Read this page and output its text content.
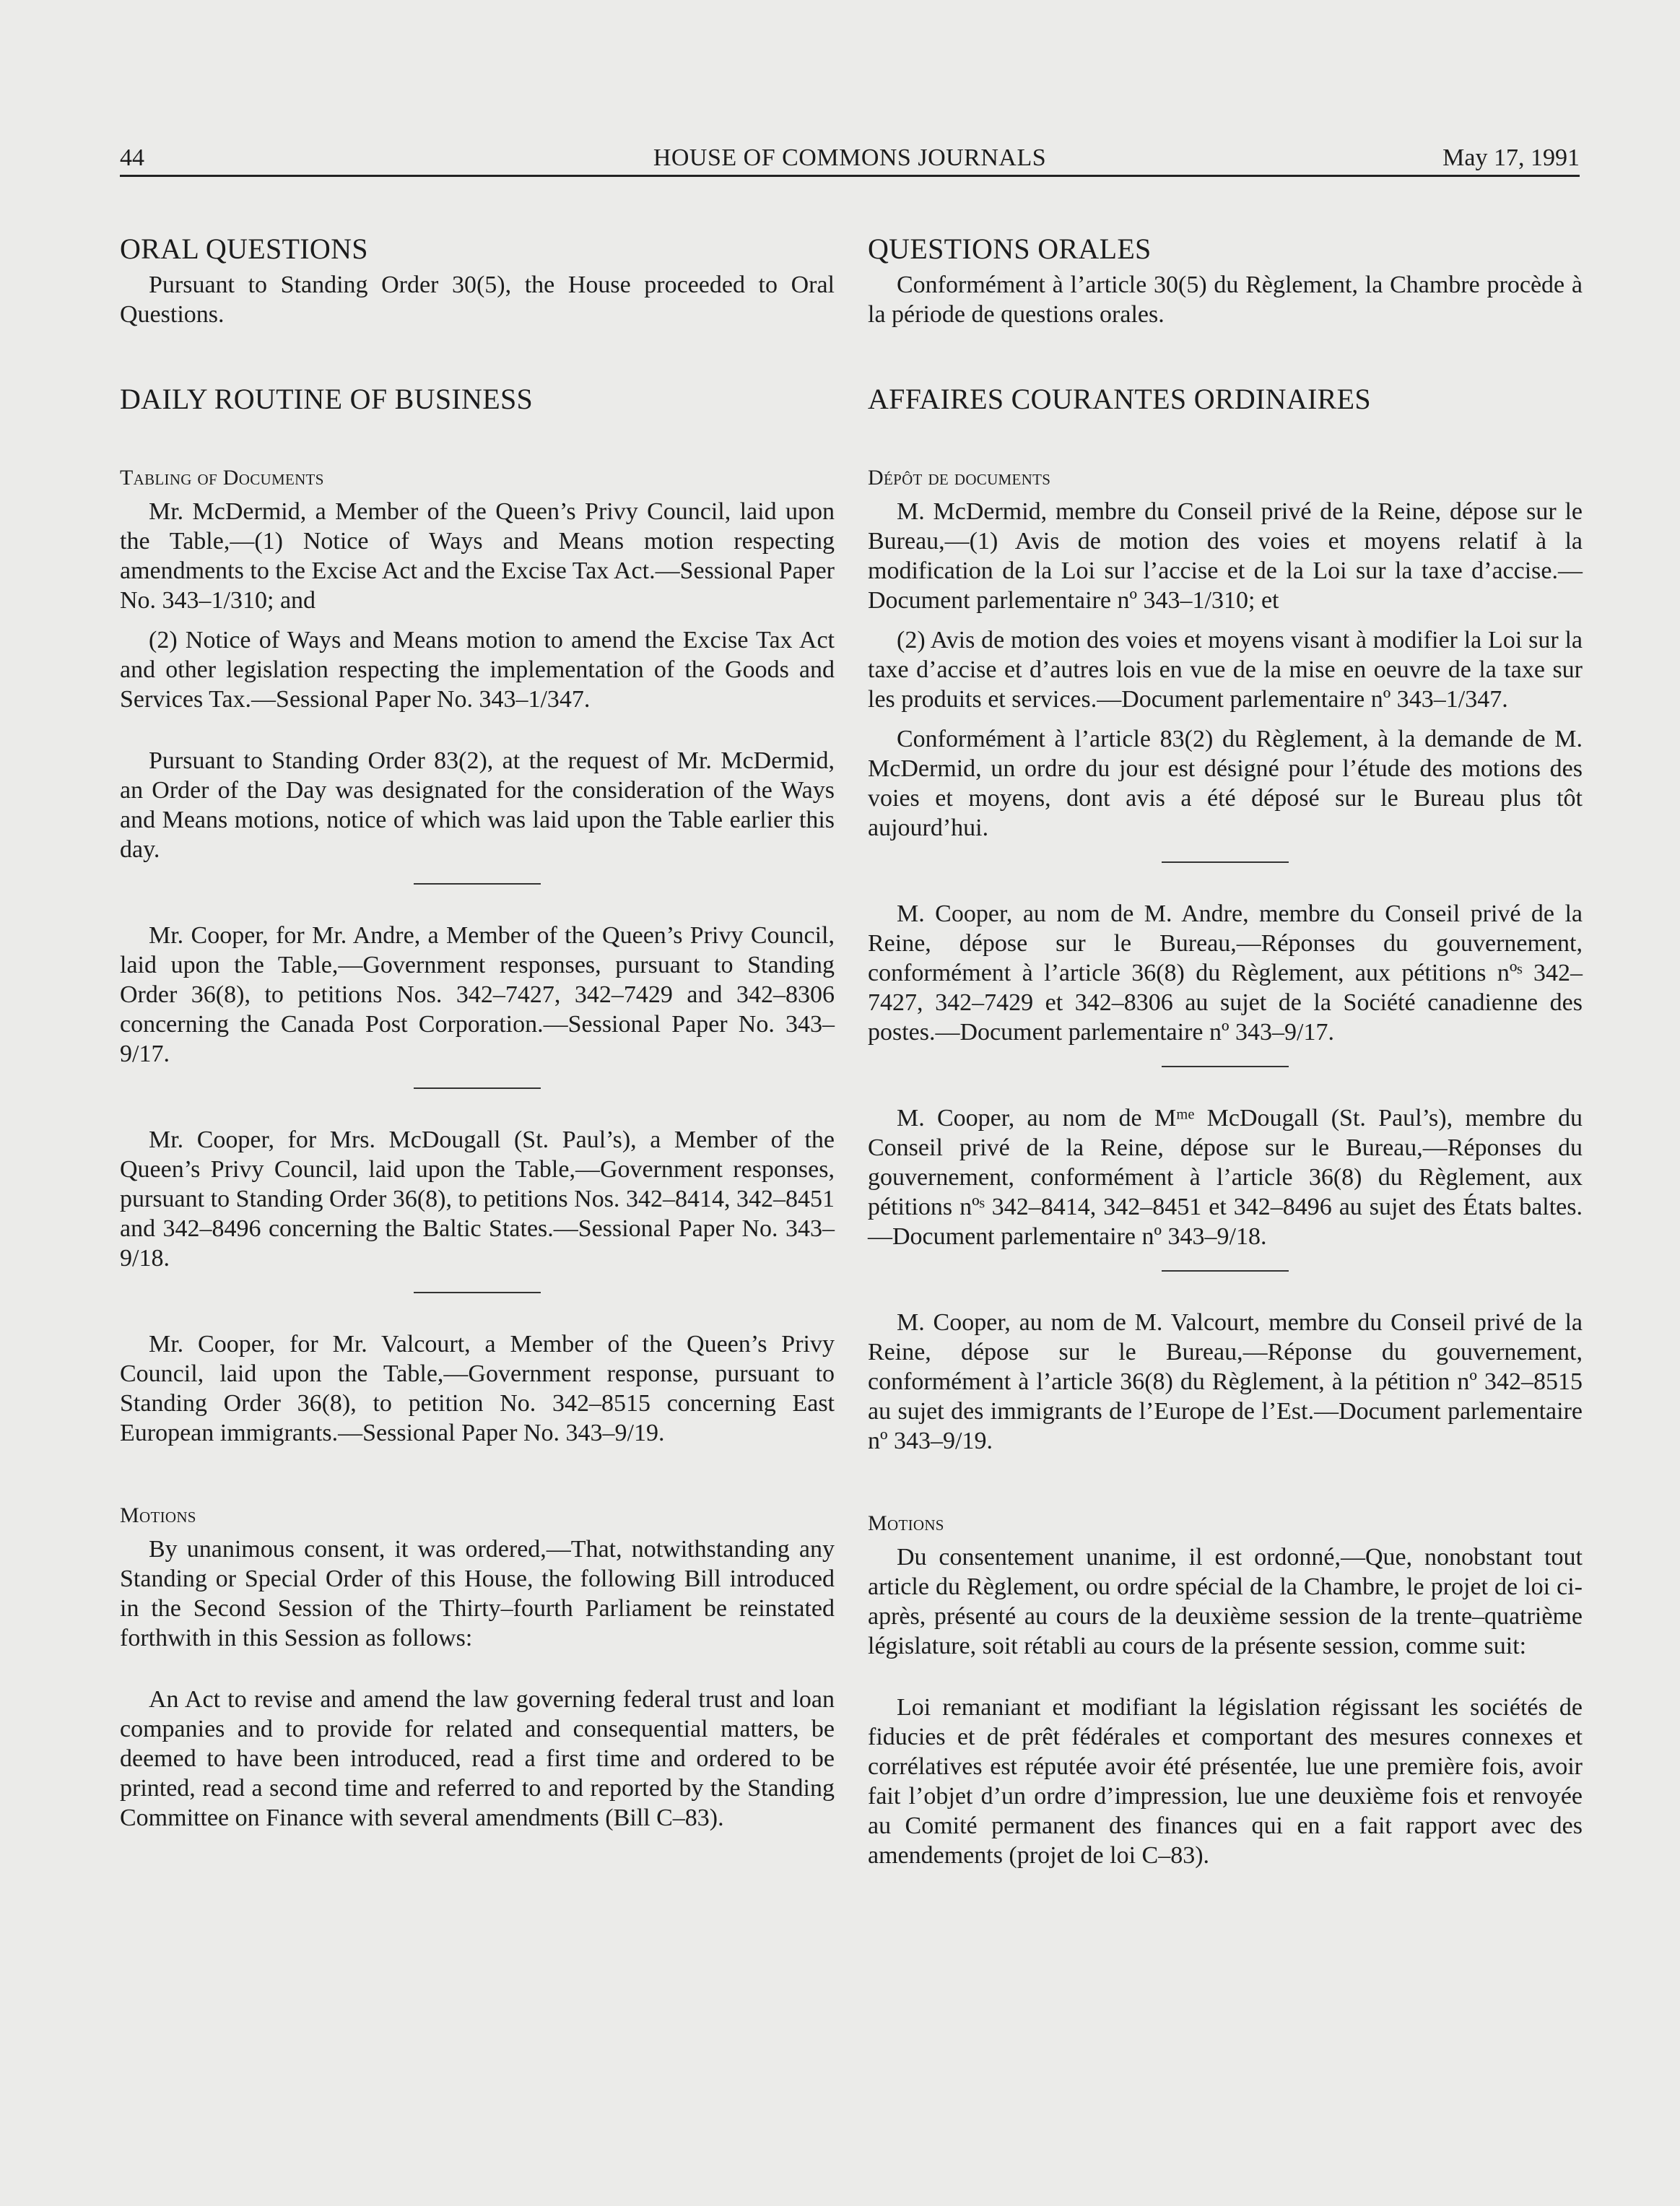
44	HOUSE OF COMMONS JOURNALS	May 17, 1991
ORAL QUESTIONS

Pursuant to Standing Order 30(5), the House proceeded to Oral Questions.

DAILY ROUTINE OF BUSINESS
Tabling of Documents

Mr. McDermid, a Member of the Queen’s Privy Council, laid upon the Table,—(1) Notice of Ways and Means motion respecting amendments to the Excise Act and the Excise Tax Act.—Sessional Paper No. 343–1/310; and

(2) Notice of Ways and Means motion to amend the Excise Tax Act and other legislation respecting the implementation of the Goods and Services Tax.—Sessional Paper No. 343–1/347.

Pursuant to Standing Order 83(2), at the request of Mr. McDermid, an Order of the Day was designated for the consideration of the Ways and Means motions, notice of which was laid upon the Table earlier this day.

Mr. Cooper, for Mr. Andre, a Member of the Queen’s Privy Council, laid upon the Table,—Government responses, pursuant to Standing Order 36(8), to petitions Nos. 342–7427, 342–7429 and 342–8306 concerning the Canada Post Corporation.—Sessional Paper No. 343–9/17.

Mr. Cooper, for Mrs. McDougall (St. Paul’s), a Member of the Queen’s Privy Council, laid upon the Table,—Government responses, pursuant to Standing Order 36(8), to petitions Nos. 342–8414, 342–8451 and 342–8496 concerning the Baltic States.—Sessional Paper No. 343–9/18.

Mr. Cooper, for Mr. Valcourt, a Member of the Queen’s Privy Council, laid upon the Table,—Government response, pursuant to Standing Order 36(8), to petition No. 342–8515 concerning East European immigrants.—Sessional Paper No. 343–9/19.

Motions

By unanimous consent, it was ordered,—That, notwithstanding any Standing or Special Order of this House, the following Bill introduced in the Second Session of the Thirty–fourth Parliament be reinstated forthwith in this Session as follows:

An Act to revise and amend the law governing federal trust and loan companies and to provide for related and consequential matters, be deemed to have been introduced, read a first time and ordered to be printed, read a second time and referred to and reported by the Standing Committee on Finance with several amendments (Bill C–83).

QUESTIONS ORALES

Conformément à l’article 30(5) du Règlement, la Chambre procède à la période de questions orales.

AFFAIRES COURANTES ORDINAIRES
Dépôt de documents

M. McDermid, membre du Conseil privé de la Reine, dépose sur le Bureau,—(1) Avis de motion des voies et moyens relatif à la modification de la Loi sur l’accise et de la Loi sur la taxe d’accise.—Document parlementaire nº 343–1/310; et

(2) Avis de motion des voies et moyens visant à modifier la Loi sur la taxe d’accise et d’autres lois en vue de la mise en oeuvre de la taxe sur les produits et services.—Document parlementaire nº 343–1/347.

Conformément à l’article 83(2) du Règlement, à la demande de M. McDermid, un ordre du jour est désigné pour l’étude des motions des voies et moyens, dont avis a été déposé sur le Bureau plus tôt aujourd’hui.

M. Cooper, au nom de M. Andre, membre du Conseil privé de la Reine, dépose sur le Bureau,—Réponses du gouvernement, conformément à l’article 36(8) du Règlement, aux pétitions nºˢ 342–7427, 342–7429 et 342–8306 au sujet de la Société canadienne des postes.—Document parlementaire nº 343–9/17.

M. Cooper, au nom de Mᵐᵉ McDougall (St. Paul’s), membre du Conseil privé de la Reine, dépose sur le Bureau,—Réponses du gouvernement, conformément à l’article 36(8) du Règlement, aux pétitions nºˢ 342–8414, 342–8451 et 342–8496 au sujet des États baltes.—Document parlementaire nº 343–9/18.

M. Cooper, au nom de M. Valcourt, membre du Conseil privé de la Reine, dépose sur le Bureau,—Réponse du gouvernement, conformément à l’article 36(8) du Règlement, à la pétition nº 342–8515 au sujet des immigrants de l’Europe de l’Est.—Document parlementaire nº 343–9/19.

Motions

Du consentement unanime, il est ordonné,—Que, nonobstant tout article du Règlement, ou ordre spécial de la Chambre, le projet de loi ci-après, présenté au cours de la deuxième session de la trente–quatrième législature, soit rétabli au cours de la présente session, comme suit:

Loi remaniant et modifiant la législation régissant les sociétés de fiducies et de prêt fédérales et comportant des mesures connexes et corrélatives est réputée avoir été présentée, lue une première fois, avoir fait l’objet d’un ordre d’impression, lue une deuxième fois et renvoyée au Comité permanent des finances qui en a fait rapport avec des amendements (projet de loi C–83).
